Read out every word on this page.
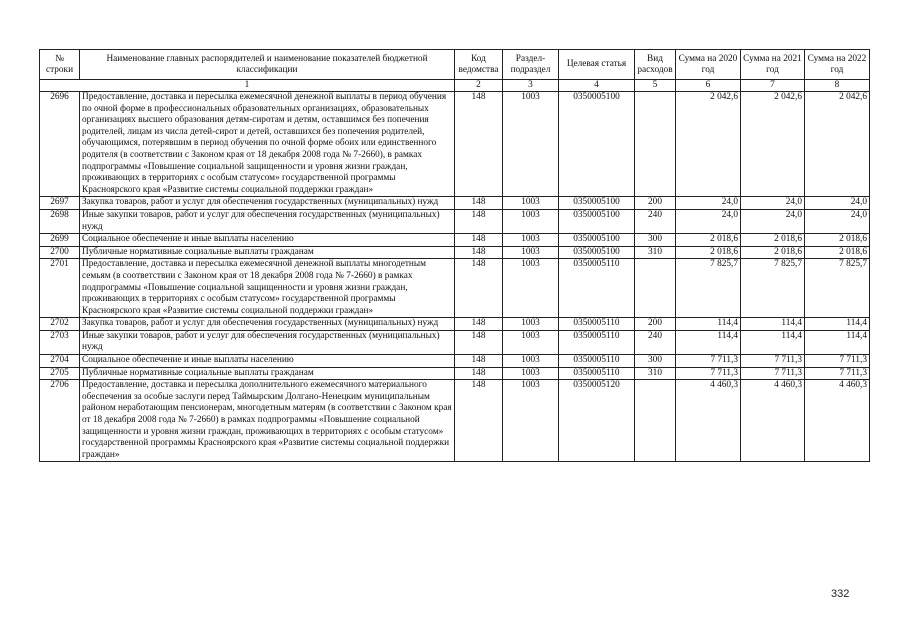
№ строки	Наименование главных распорядителей и наименование показателей бюджетной классификации	Код ведомства	Раздел-подраздел	Целевая статья	Вид расходов	Сумма на 2020 год	Сумма на 2021 год	Сумма на 2022 год
1		2	3	4	5	6	7	8
2696	Предоставление, доставка и пересылка ежемесячной денежной выплаты в период обучения по очной форме в профессиональных образовательных организациях, образовательных организациях высшего образования детям-сиротам и детям, оставшимся без попечения родителей, лицам из числа детей-сирот и детей, оставшихся без попечения родителей, обучающимся, потерявшим в период обучения по очной форме обоих или единственного родителя (в соответствии с Законом края от 18 декабря 2008 года № 7-2660), в рамках подпрограммы «Повышение социальной защищенности и уровня жизни граждан, проживающих в территориях с особым статусом» государственной программы Красноярского края «Развитие системы социальной поддержки граждан»	148	1003	0350005100		2 042,6	2 042,6	2 042,6
2697	Закупка товаров, работ и услуг для обеспечения государственных (муниципальных) нужд	148	1003	0350005100	200	24,0	24,0	24,0
2698	Иные закупки товаров, работ и услуг для обеспечения государственных (муниципальных) нужд	148	1003	0350005100	240	24,0	24,0	24,0
2699	Социальное обеспечение и иные выплаты населению	148	1003	0350005100	300	2 018,6	2 018,6	2 018,6
2700	Публичные нормативные социальные выплаты гражданам	148	1003	0350005100	310	2 018,6	2 018,6	2 018,6
2701	Предоставление, доставка и пересылка ежемесячной денежной выплаты многодетным семьям (в соответствии с Законом края от 18 декабря 2008 года № 7-2660) в рамках подпрограммы «Повышение социальной защищенности и уровня жизни граждан, проживающих в территориях с особым статусом» государственной программы Красноярского края «Развитие системы социальной поддержки граждан»	148	1003	0350005110		7 825,7	7 825,7	7 825,7
2702	Закупка товаров, работ и услуг для обеспечения государственных (муниципальных) нужд	148	1003	0350005110	200	114,4	114,4	114,4
2703	Иные закупки товаров, работ и услуг для обеспечения государственных (муниципальных) нужд	148	1003	0350005110	240	114,4	114,4	114,4
2704	Социальное обеспечение и иные выплаты населению	148	1003	0350005110	300	7 711,3	7 711,3	7 711,3
2705	Публичные нормативные социальные выплаты гражданам	148	1003	0350005110	310	7 711,3	7 711,3	7 711,3
2706	Предоставление, доставка и пересылка дополнительного ежемесячного материального обеспечения за особые заслуги перед Таймырским Долгано-Ненецким муниципальным районом неработающим пенсионерам, многодетным матерям (в соответствии с Законом края от 18 декабря 2008 года № 7-2660) в рамках подпрограммы «Повышение социальной защищенности и уровня жизни граждан, проживающих в территориях с особым статусом» государственной программы Красноярского края «Развитие системы социальной поддержки граждан»	148	1003	0350005120		4 460,3	4 460,3	4 460,3
332
